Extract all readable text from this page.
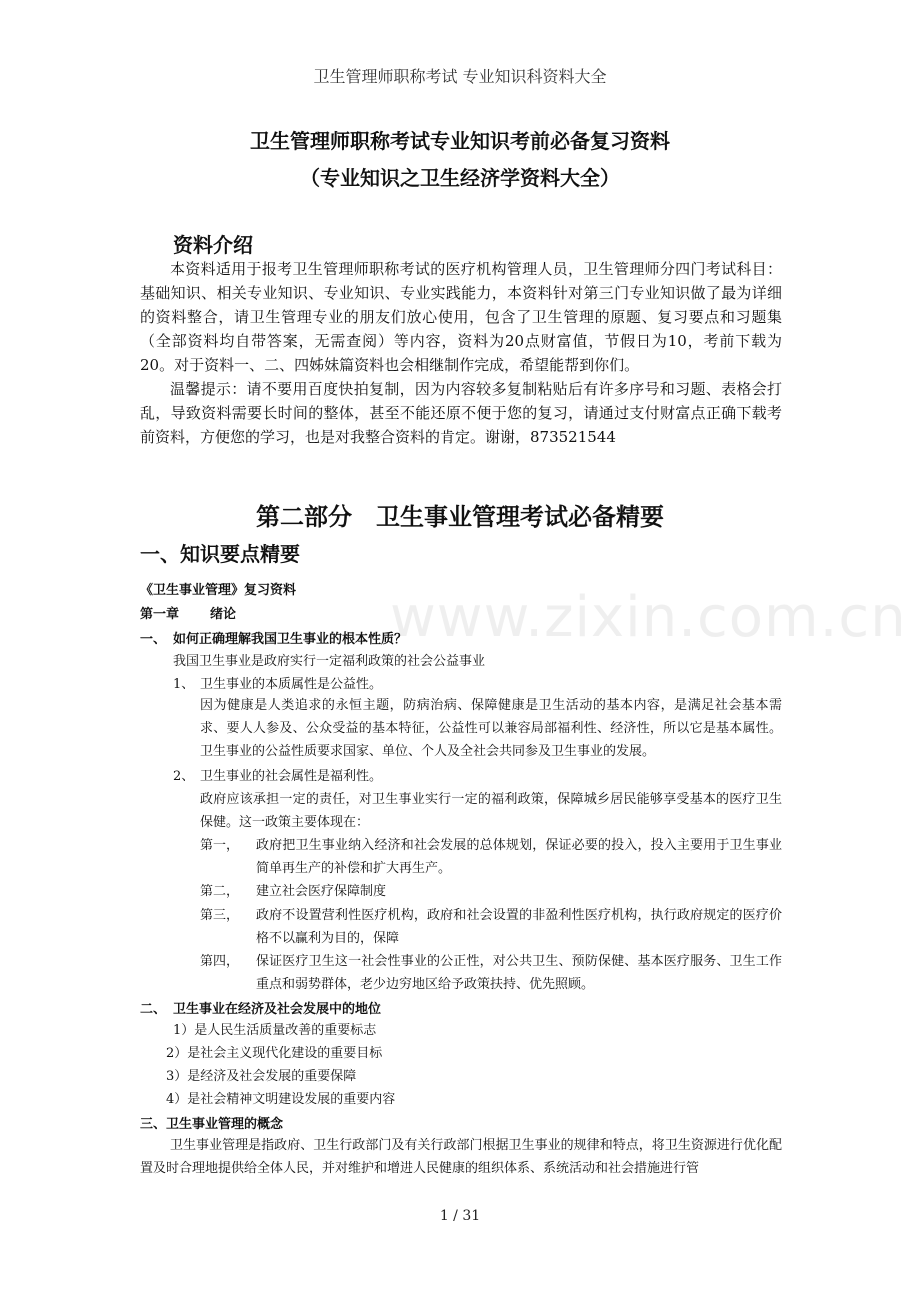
www.zixin.com.cn
卫生管理师职称考试 专业知识科资料大全
卫生管理师职称考试专业知识考前必备复习资料
（专业知识之卫生经济学资料大全）
资料介绍
本资料适用于报考卫生管理师职称考试的医疗机构管理人员，卫生管理师分四门考试科目：基础知识、相关专业知识、专业知识、专业实践能力，本资料针对第三门专业知识做了最为详细的资料整合，请卫生管理专业的朋友们放心使用，包含了卫生管理的原题、复习要点和习题集（全部资料均自带答案，无需查阅）等内容，资料为20点财富值，节假日为10，考前下载为20。对于资料一、二、四姊妹篇资料也会相继制作完成，希望能帮到你们。
温馨提示：请不要用百度快拍复制，因为内容较多复制粘贴后有许多序号和习题、表格会打乱，导致资料需要长时间的整体，甚至不能还原不便于您的复习，请通过支付财富点正确下载考前资料，方便您的学习，也是对我整合资料的肯定。谢谢，873521544
第二部分　卫生事业管理考试必备精要
一、知识要点精要
《卫生事业管理》复习资料
第一章 绪论
一、 如何正确理解我国卫生事业的根本性质？
我国卫生事业是政府实行一定福利政策的社会公益事业
1、 卫生事业的本质属性是公益性。
因为健康是人类追求的永恒主题，防病治病、保障健康是卫生活动的基本内容，是满足社会基本需求、要人人参及、公众受益的基本特征，公益性可以兼容局部福利性、经济性，所以它是基本属性。卫生事业的公益性质要求国家、单位、个人及全社会共同参及卫生事业的发展。
2、 卫生事业的社会属性是福利性。
政府应该承担一定的责任，对卫生事业实行一定的福利政策，保障城乡居民能够享受基本的医疗卫生保健。这一政策主要体现在：
第一， 政府把卫生事业纳入经济和社会发展的总体规划，保证必要的投入，投入主要用于卫生事业简单再生产的补偿和扩大再生产。
第二， 建立社会医疗保障制度
第三， 政府不设置营利性医疗机构，政府和社会设置的非盈利性医疗机构，执行政府规定的医疗价格不以赢利为目的，保障
第四， 保证医疗卫生这一社会性事业的公正性，对公共卫生、预防保健、基本医疗服务、卫生工作重点和弱势群体，老少边穷地区给予政策扶持、优先照顾。
二、 卫生事业在经济及社会发展中的地位
1）是人民生活质量改善的重要标志
2）是社会主义现代化建设的重要目标
3）是经济及社会发展的重要保障
4）是社会精神文明建设发展的重要内容
三、卫生事业管理的概念
卫生事业管理是指政府、卫生行政部门及有关行政部门根据卫生事业的规律和特点，将卫生资源进行优化配置及时合理地提供给全体人民，并对维护和增进人民健康的组织体系、系统活动和社会措施进行管
1 / 31
